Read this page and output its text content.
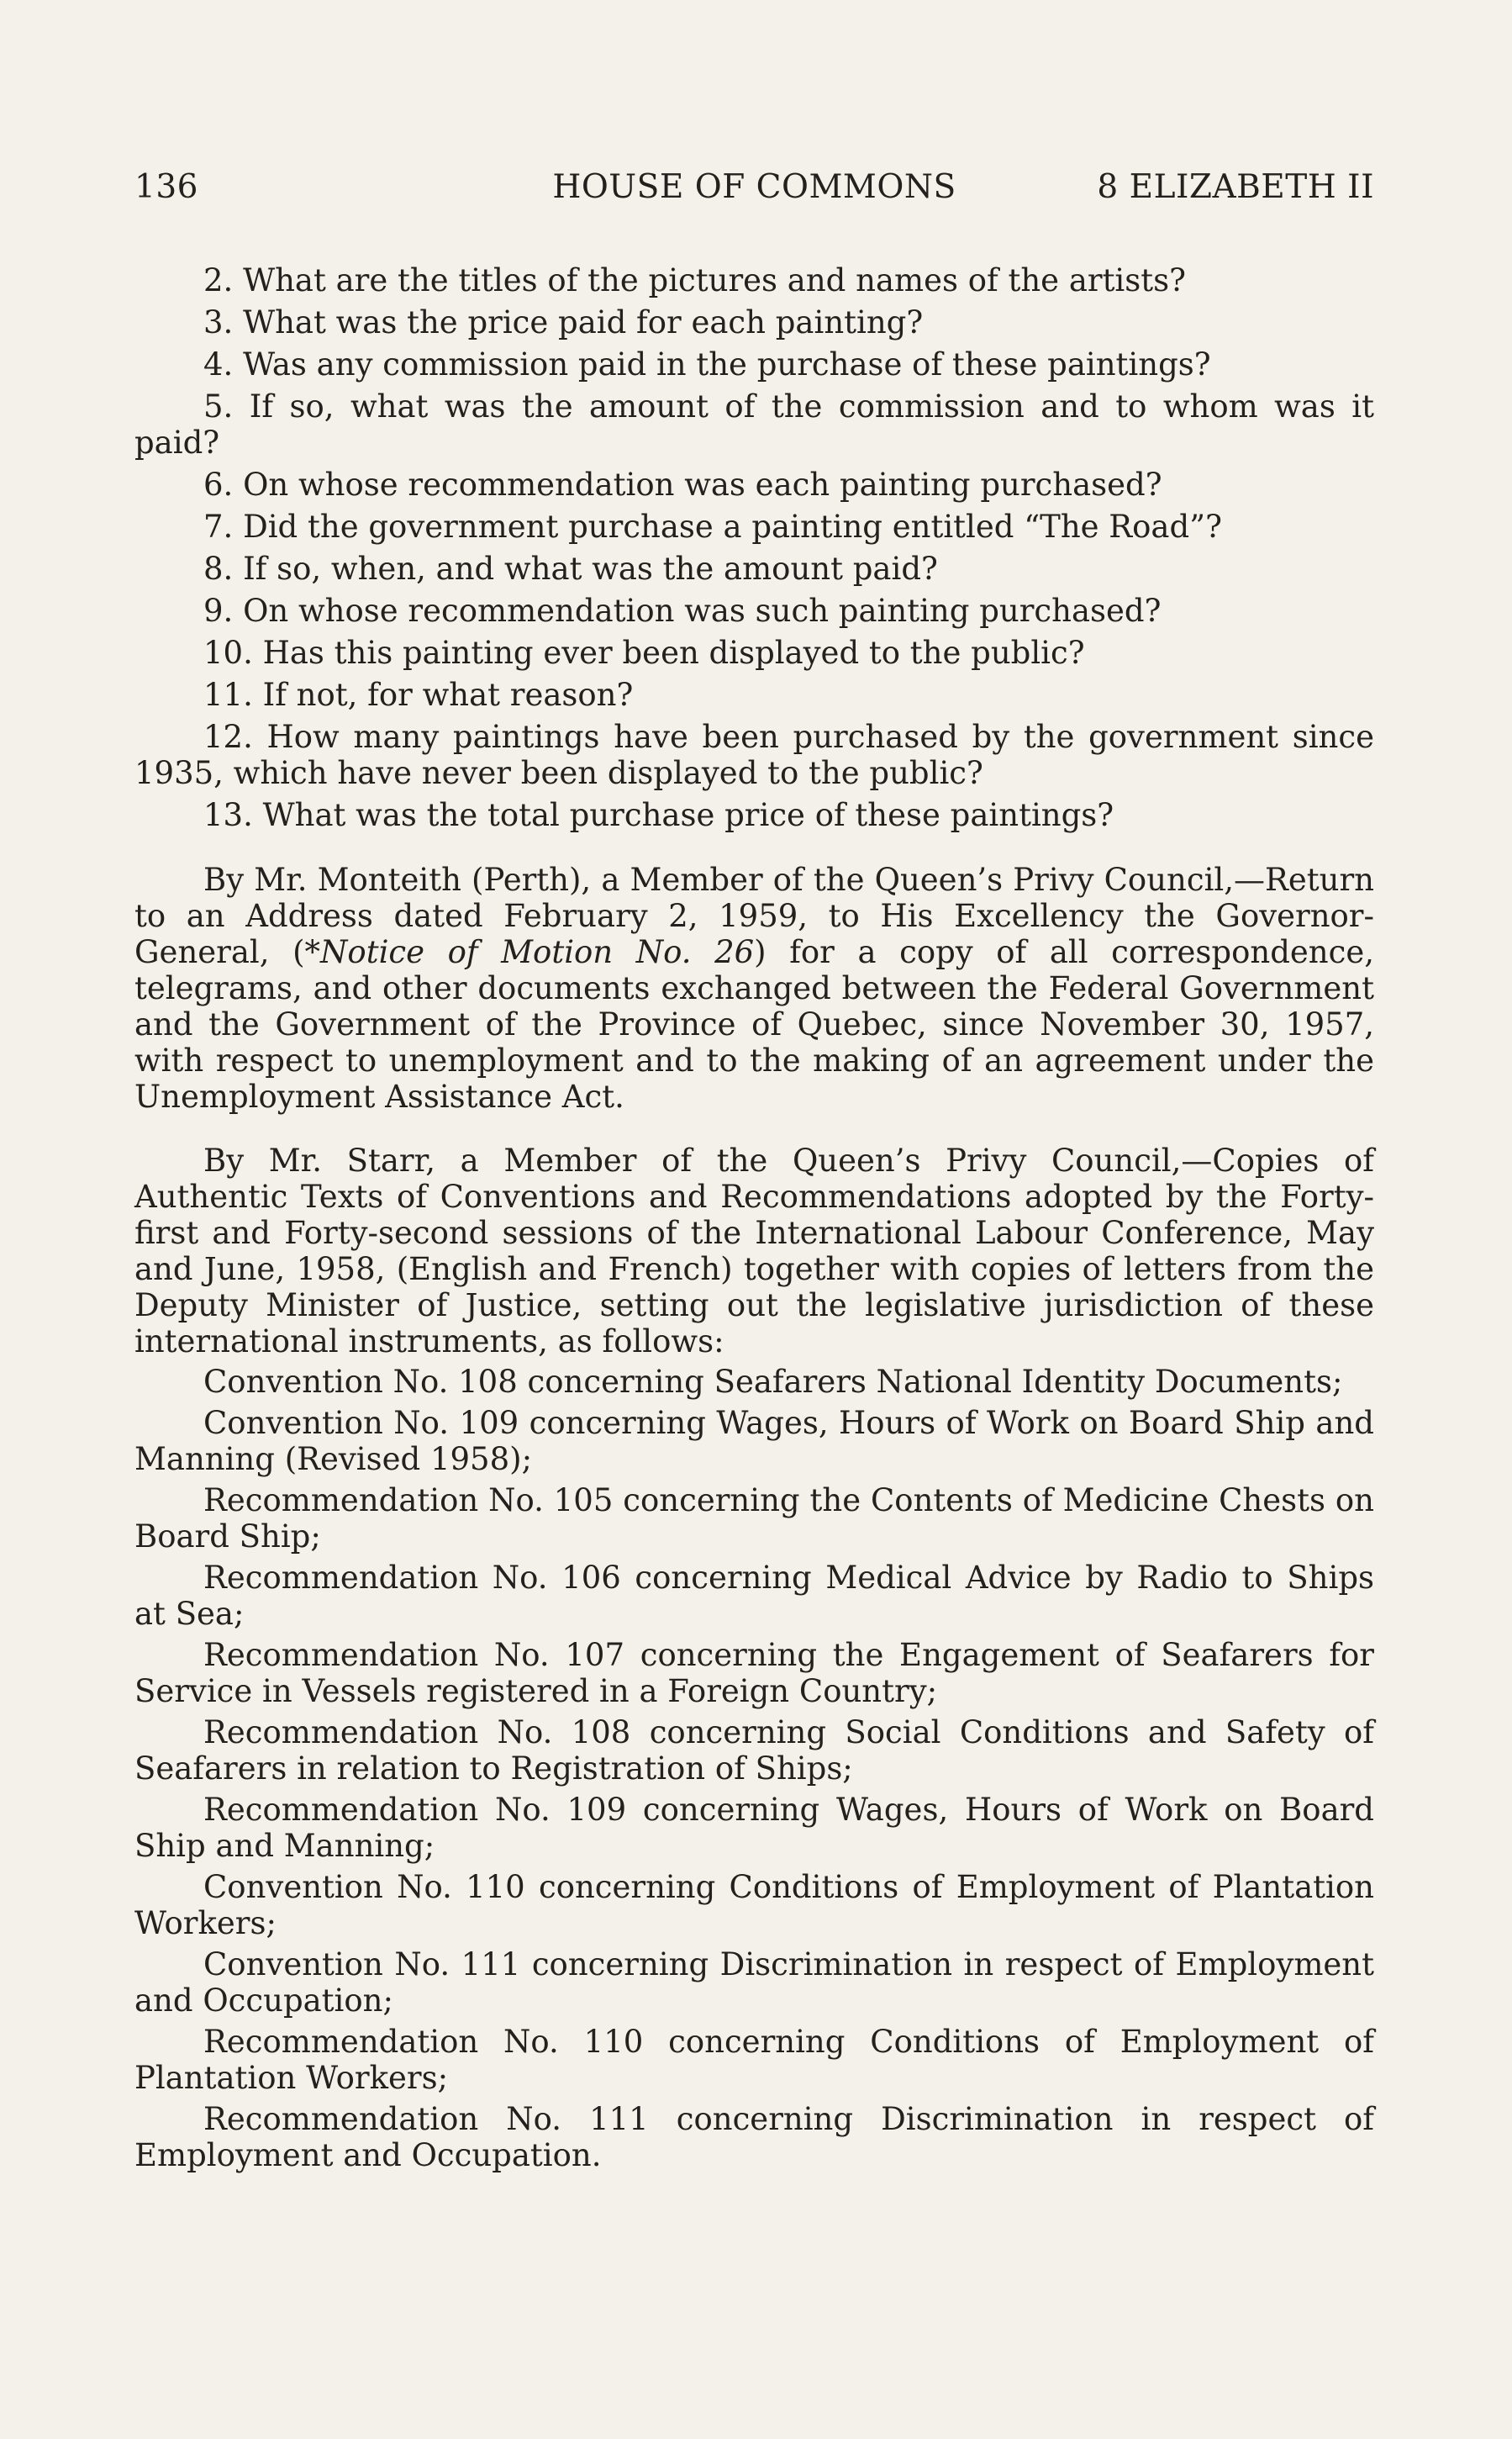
136	HOUSE OF COMMONS	8 ELIZABETH II

2. What are the titles of the pictures and names of the artists?

3. What was the price paid for each painting?

4. Was any commission paid in the purchase of these paintings?

5. If so, what was the amount of the commission and to whom was it paid?

6. On whose recommendation was each painting purchased?

7. Did the government purchase a painting entitled “The Road”?

8. If so, when, and what was the amount paid?

9. On whose recommendation was such painting purchased?

10. Has this painting ever been displayed to the public?

11. If not, for what reason?

12. How many paintings have been purchased by the government since 1935, which have never been displayed to the public?

13. What was the total purchase price of these paintings?

By Mr. Monteith (Perth), a Member of the Queen’s Privy Council,—Return to an Address dated February 2, 1959, to His Excellency the Governor-General, (*Notice of Motion No. 26) for a copy of all correspondence, telegrams, and other documents exchanged between the Federal Government and the Government of the Province of Quebec, since November 30, 1957, with respect to unemployment and to the making of an agreement under the Unemployment Assistance Act.

By Mr. Starr, a Member of the Queen’s Privy Council,—Copies of Authentic Texts of Conventions and Recommendations adopted by the Forty-first and Forty-second sessions of the International Labour Conference, May and June, 1958, (English and French) together with copies of letters from the Deputy Minister of Justice, setting out the legislative jurisdiction of these international instruments, as follows:

Convention No. 108 concerning Seafarers National Identity Documents;

Convention No. 109 concerning Wages, Hours of Work on Board Ship and Manning (Revised 1958);

Recommendation No. 105 concerning the Contents of Medicine Chests on Board Ship;

Recommendation No. 106 concerning Medical Advice by Radio to Ships at Sea;

Recommendation No. 107 concerning the Engagement of Seafarers for Service in Vessels registered in a Foreign Country;

Recommendation No. 108 concerning Social Conditions and Safety of Seafarers in relation to Registration of Ships;

Recommendation No. 109 concerning Wages, Hours of Work on Board Ship and Manning;

Convention No. 110 concerning Conditions of Employment of Plantation Workers;

Convention No. 111 concerning Discrimination in respect of Employment and Occupation;

Recommendation No. 110 concerning Conditions of Employment of Plantation Workers;

Recommendation No. 111 concerning Discrimination in respect of Employment and Occupation.
